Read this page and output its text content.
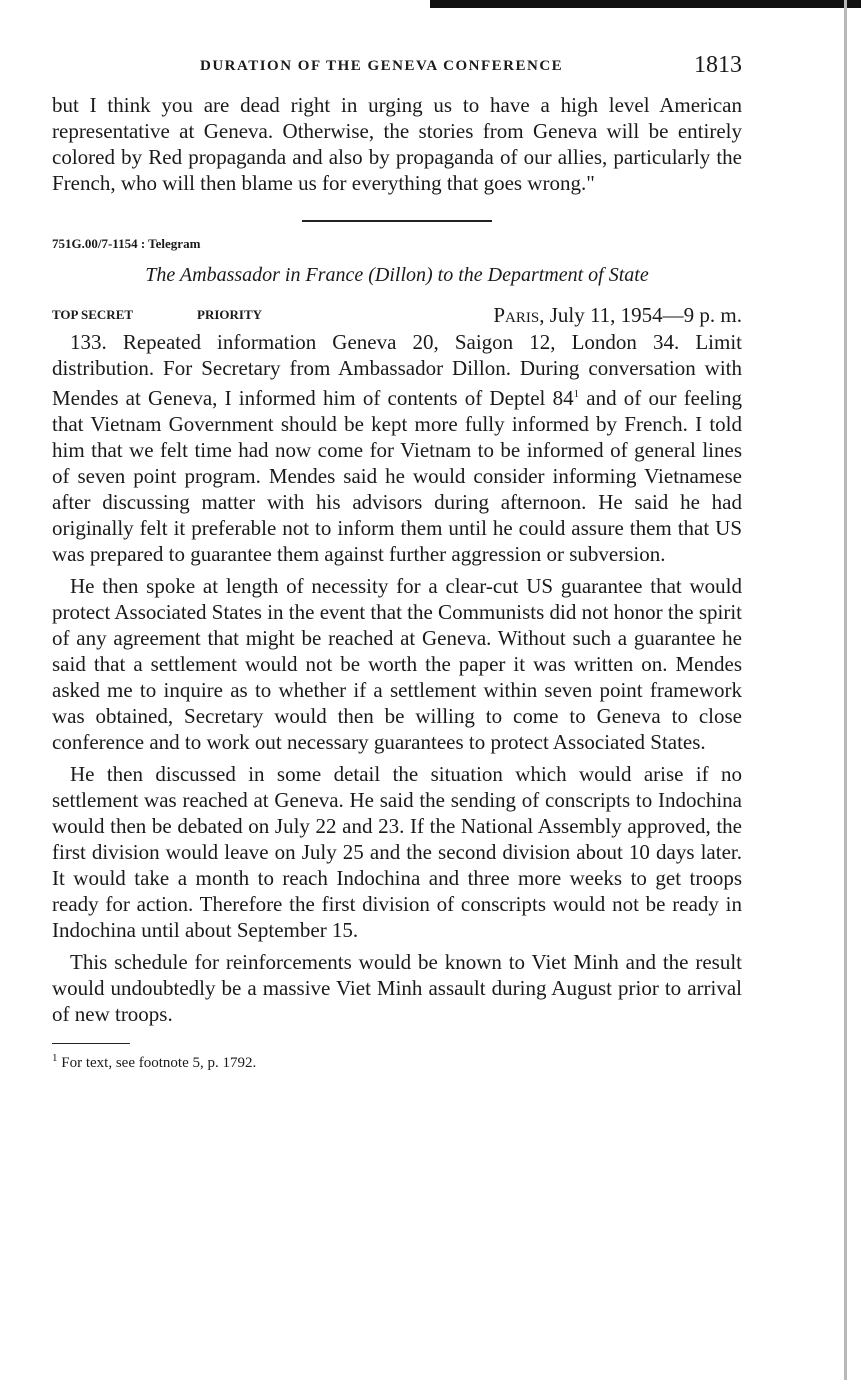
DURATION OF THE GENEVA CONFERENCE	1813

but I think you are dead right in urging us to have a high level American representative at Geneva. Otherwise, the stories from Geneva will be entirely colored by Red propaganda and also by propaganda of our allies, particularly the French, who will then blame us for everything that goes wrong."

751G.00/7-1154 : Telegram
The Ambassador in France (Dillon) to the Department of State
TOP SECRET	PRIORITY	Paris, July 11, 1954—9 p. m.

133. Repeated information Geneva 20, Saigon 12, London 34. Limit distribution. For Secretary from Ambassador Dillon. During conversation with Mendes at Geneva, I informed him of contents of Deptel $84^1$ and of our feeling that Vietnam Government should be kept more fully informed by French. I told him that we felt time had now come for Vietnam to be informed of general lines of seven point program. Mendes said he would consider informing Vietnamese after discussing matter with his advisors during afternoon. He said he had originally felt it preferable not to inform them until he could assure them that US was prepared to guarantee them against further aggression or subversion.

He then spoke at length of necessity for a clear-cut US guarantee that would protect Associated States in the event that the Communists did not honor the spirit of any agreement that might be reached at Geneva. Without such a guarantee he said that a settlement would not be worth the paper it was written on. Mendes asked me to inquire as to whether if a settlement within seven point framework was obtained, Secretary would then be willing to come to Geneva to close conference and to work out necessary guarantees to protect Associated States.

He then discussed in some detail the situation which would arise if no settlement was reached at Geneva. He said the sending of conscripts to Indochina would then be debated on July 22 and 23. If the National Assembly approved, the first division would leave on July 25 and the second division about 10 days later. It would take a month to reach Indochina and three more weeks to get troops ready for action. Therefore the first division of conscripts would not be ready in Indochina until about September 15.

This schedule for reinforcements would be known to Viet Minh and the result would undoubtedly be a massive Viet Minh assault during August prior to arrival of new troops.

$^1$ For text, see footnote 5, p. 1792.
